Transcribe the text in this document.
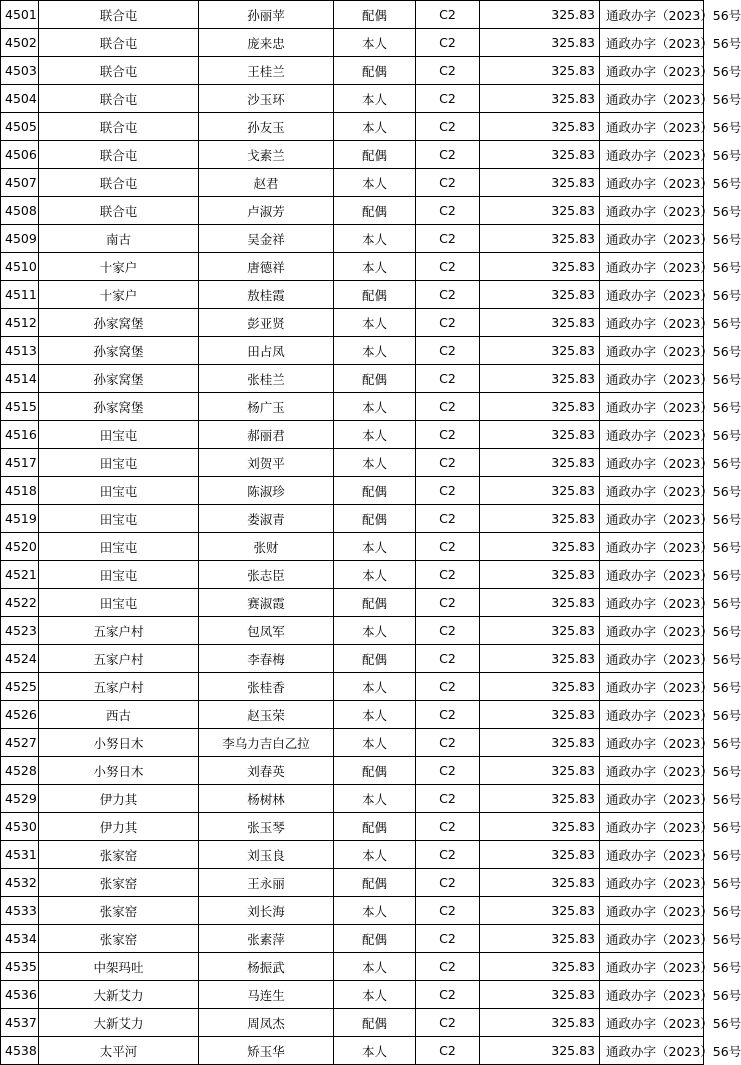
4501	联合屯	孙丽苹	配偶	C2	325.83	通政办字（2023）56号
4502	联合屯	庞来忠	本人	C2	325.83	通政办字（2023）56号
4503	联合屯	王桂兰	配偶	C2	325.83	通政办字（2023）56号
4504	联合屯	沙玉环	本人	C2	325.83	通政办字（2023）56号
4505	联合屯	孙友玉	本人	C2	325.83	通政办字（2023）56号
4506	联合屯	戈素兰	配偶	C2	325.83	通政办字（2023）56号
4507	联合屯	赵君	本人	C2	325.83	通政办字（2023）56号
4508	联合屯	卢淑芳	配偶	C2	325.83	通政办字（2023）56号
4509	南古	吴金祥	本人	C2	325.83	通政办字（2023）56号
4510	十家户	唐德祥	本人	C2	325.83	通政办字（2023）56号
4511	十家户	敖桂霞	配偶	C2	325.83	通政办字（2023）56号
4512	孙家窝堡	彭亚贤	本人	C2	325.83	通政办字（2023）56号
4513	孙家窝堡	田占凤	本人	C2	325.83	通政办字（2023）56号
4514	孙家窝堡	张桂兰	配偶	C2	325.83	通政办字（2023）56号
4515	孙家窝堡	杨广玉	本人	C2	325.83	通政办字（2023）56号
4516	田宝屯	郝丽君	本人	C2	325.83	通政办字（2023）56号
4517	田宝屯	刘贺平	本人	C2	325.83	通政办字（2023）56号
4518	田宝屯	陈淑珍	配偶	C2	325.83	通政办字（2023）56号
4519	田宝屯	娄淑青	配偶	C2	325.83	通政办字（2023）56号
4520	田宝屯	张财	本人	C2	325.83	通政办字（2023）56号
4521	田宝屯	张志臣	本人	C2	325.83	通政办字（2023）56号
4522	田宝屯	赛淑霞	配偶	C2	325.83	通政办字（2023）56号
4523	五家户村	包凤军	本人	C2	325.83	通政办字（2023）56号
4524	五家户村	李春梅	配偶	C2	325.83	通政办字（2023）56号
4525	五家户村	张桂香	本人	C2	325.83	通政办字（2023）56号
4526	西古	赵玉荣	本人	C2	325.83	通政办字（2023）56号
4527	小努日木	李乌力吉白乙拉	本人	C2	325.83	通政办字（2023）56号
4528	小努日木	刘春英	配偶	C2	325.83	通政办字（2023）56号
4529	伊力其	杨树林	本人	C2	325.83	通政办字（2023）56号
4530	伊力其	张玉琴	配偶	C2	325.83	通政办字（2023）56号
4531	张家窑	刘玉良	本人	C2	325.83	通政办字（2023）56号
4532	张家窑	王永丽	配偶	C2	325.83	通政办字（2023）56号
4533	张家窑	刘长海	本人	C2	325.83	通政办字（2023）56号
4534	张家窑	张素萍	配偶	C2	325.83	通政办字（2023）56号
4535	中架玛吐	杨振武	本人	C2	325.83	通政办字（2023）56号
4536	大新艾力	马连生	本人	C2	325.83	通政办字（2023）56号
4537	大新艾力	周凤杰	配偶	C2	325.83	通政办字（2023）56号
4538	太平河	矫玉华	本人	C2	325.83	通政办字（2023）56号
